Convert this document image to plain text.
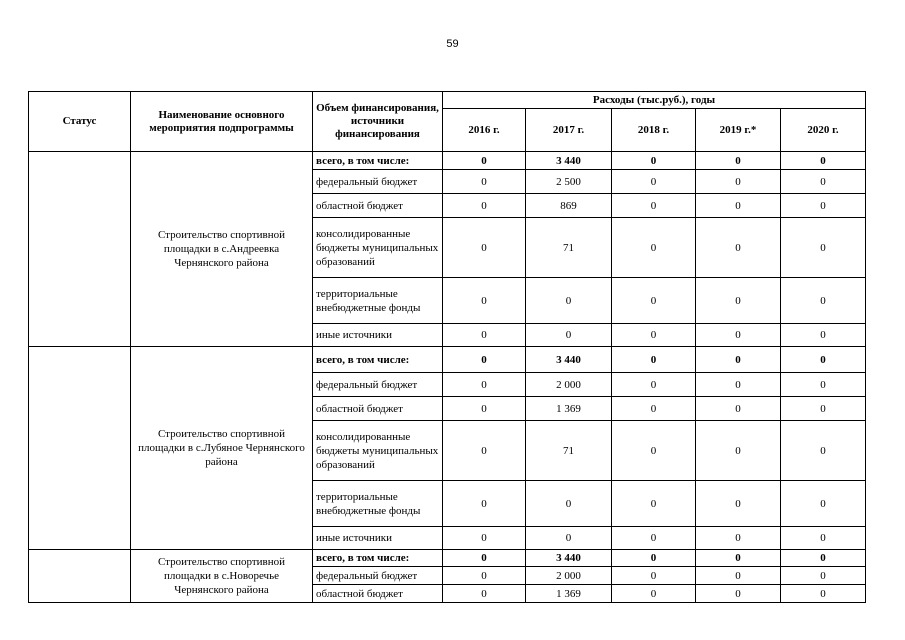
59
Статус	Наименование основного мероприятия подпрограммы	Объем финансирования, источники финансирования	Расходы (тыс.руб.), годы				
			2016 г.	2017 г.	2018 г.	2019 г.*	2020 г.
	Строительство спортивной площадки в с.Андреевка Чернянского района	всего, в том числе:	0	3 440	0	0	0
		федеральный бюджет	0	2 500	0	0	0
		областной бюджет	0	869	0	0	0
		консолидированные бюджеты муниципальных образований	0	71	0	0	0
		территориальные внебюджетные фонды	0	0	0	0	0
		иные источники	0	0	0	0	0
	Строительство спортивной площадки в с.Лубяное Чернянского района	всего, в том числе:	0	3 440	0	0	0
		федеральный бюджет	0	2 000	0	0	0
		областной бюджет	0	1 369	0	0	0
		консолидированные бюджеты муниципальных образований	0	71	0	0	0
		территориальные внебюджетные фонды	0	0	0	0	0
		иные источники	0	0	0	0	0
	Строительство спортивной площадки в с.Новоречье Чернянского района	всего, в том числе:	0	3 440	0	0	0
		федеральный бюджет	0	2 000	0	0	0
		областной бюджет	0	1 369	0	0	0
